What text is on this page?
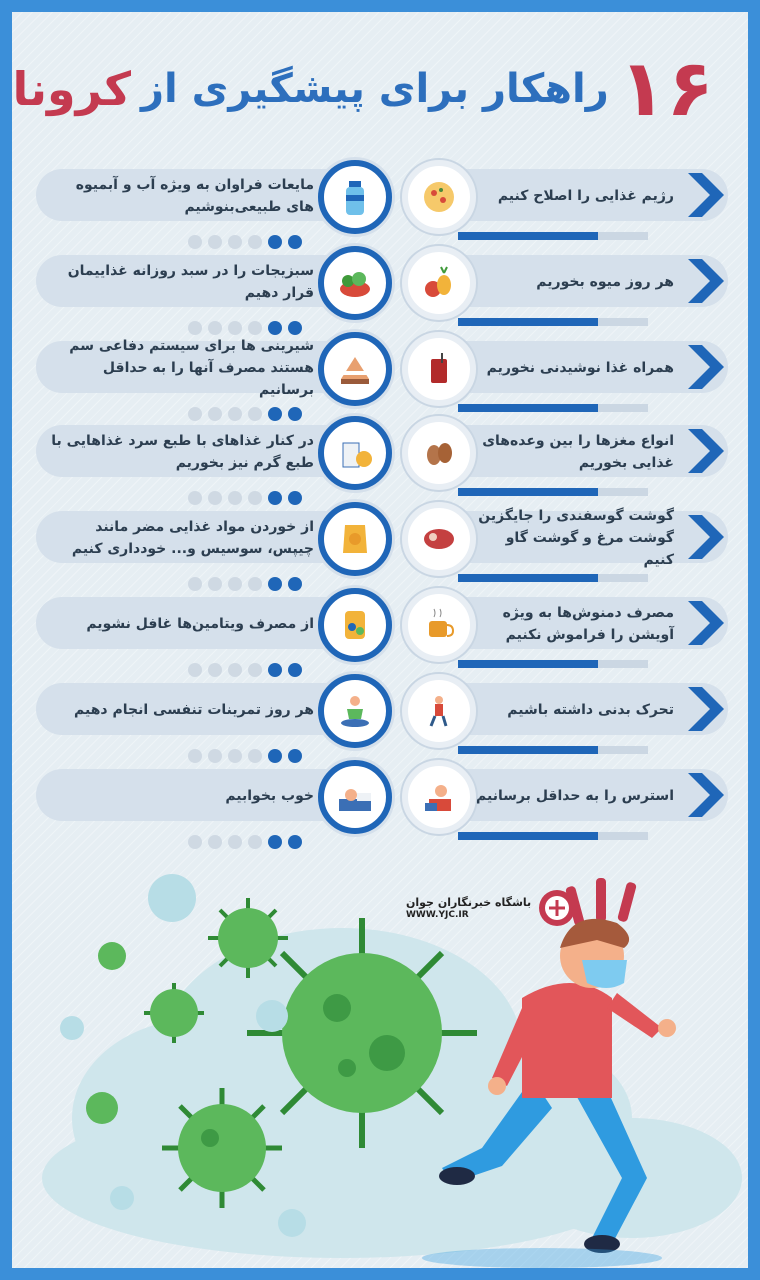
۱۶
راهکار برای پیشگیری از
کرونا
رژیم غذایی را اصلاح کنیم
مایعات فراوان به ویژه آب و آبمیوه های طبیعی‌بنوشیم
هر روز میوه بخوریم
سبزیجات را در سبد روزانه غذاییمان قرار دهیم
همراه غذا نوشیدنی نخوریم
شیرینی ها برای سیستم دفاعی سم هستند مصرف آنها را به حداقل برسانیم
انواع مغزها را بین وعده‌های غذایی بخوریم
در کنار غذاهای با طبع سرد غذاهایی با طبع گرم نیز بخوریم
گوشت گوسفندی را جایگزین گوشت مرغ و گوشت گاو کنیم
از خوردن مواد غذایی مضر مانند چیپس، سوسیس و... خودداری کنیم
مصرف دمنوش‌ها به ویژه آویشن را فراموش نکنیم
از مصرف ویتامین‌ها غافل نشویم
تحرک بدنی داشته باشیم
هر روز تمرینات تنفسی انجام دهیم
استرس را به حداقل برسانیم
خوب بخوابیم
باشگاه خبرنگاران جوان
WWW.YJC.IR
